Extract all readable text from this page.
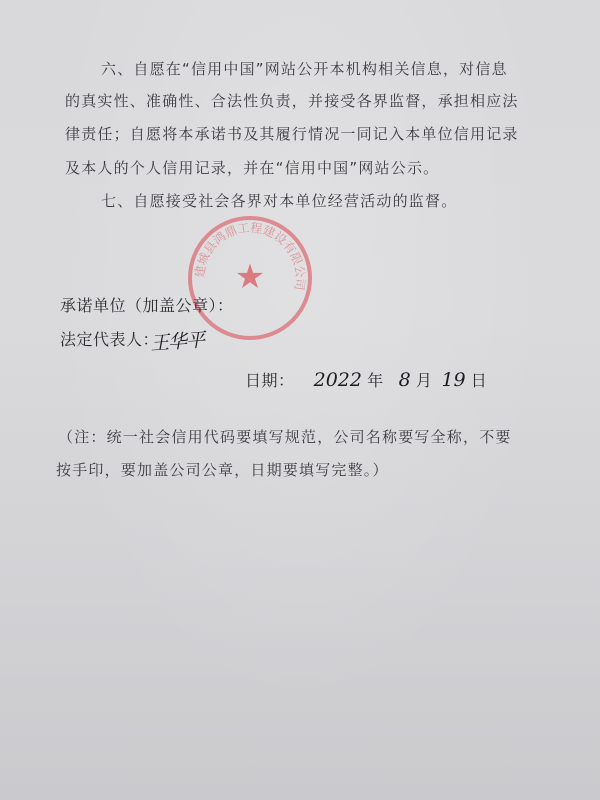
六、自愿在“信用中国”网站公开本机构相关信息，对信息
的真实性、准确性、合法性负责，并接受各界监督，承担相应法
律责任；自愿将本承诺书及其履行情况一同记入本单位信用记录
及本人的个人信用记录，并在“信用中国”网站公示。
七、自愿接受社会各界对本单位经营活动的监督。
建城县鸿鼎工程建设有限公司
★
承诺单位（加盖公章）：
法定代表人：
王华平
日期： 2022 年 8 月 19 日
（注：统一社会信用代码要填写规范，公司名称要写全称，不要
按手印，要加盖公司公章，日期要填写完整。）
